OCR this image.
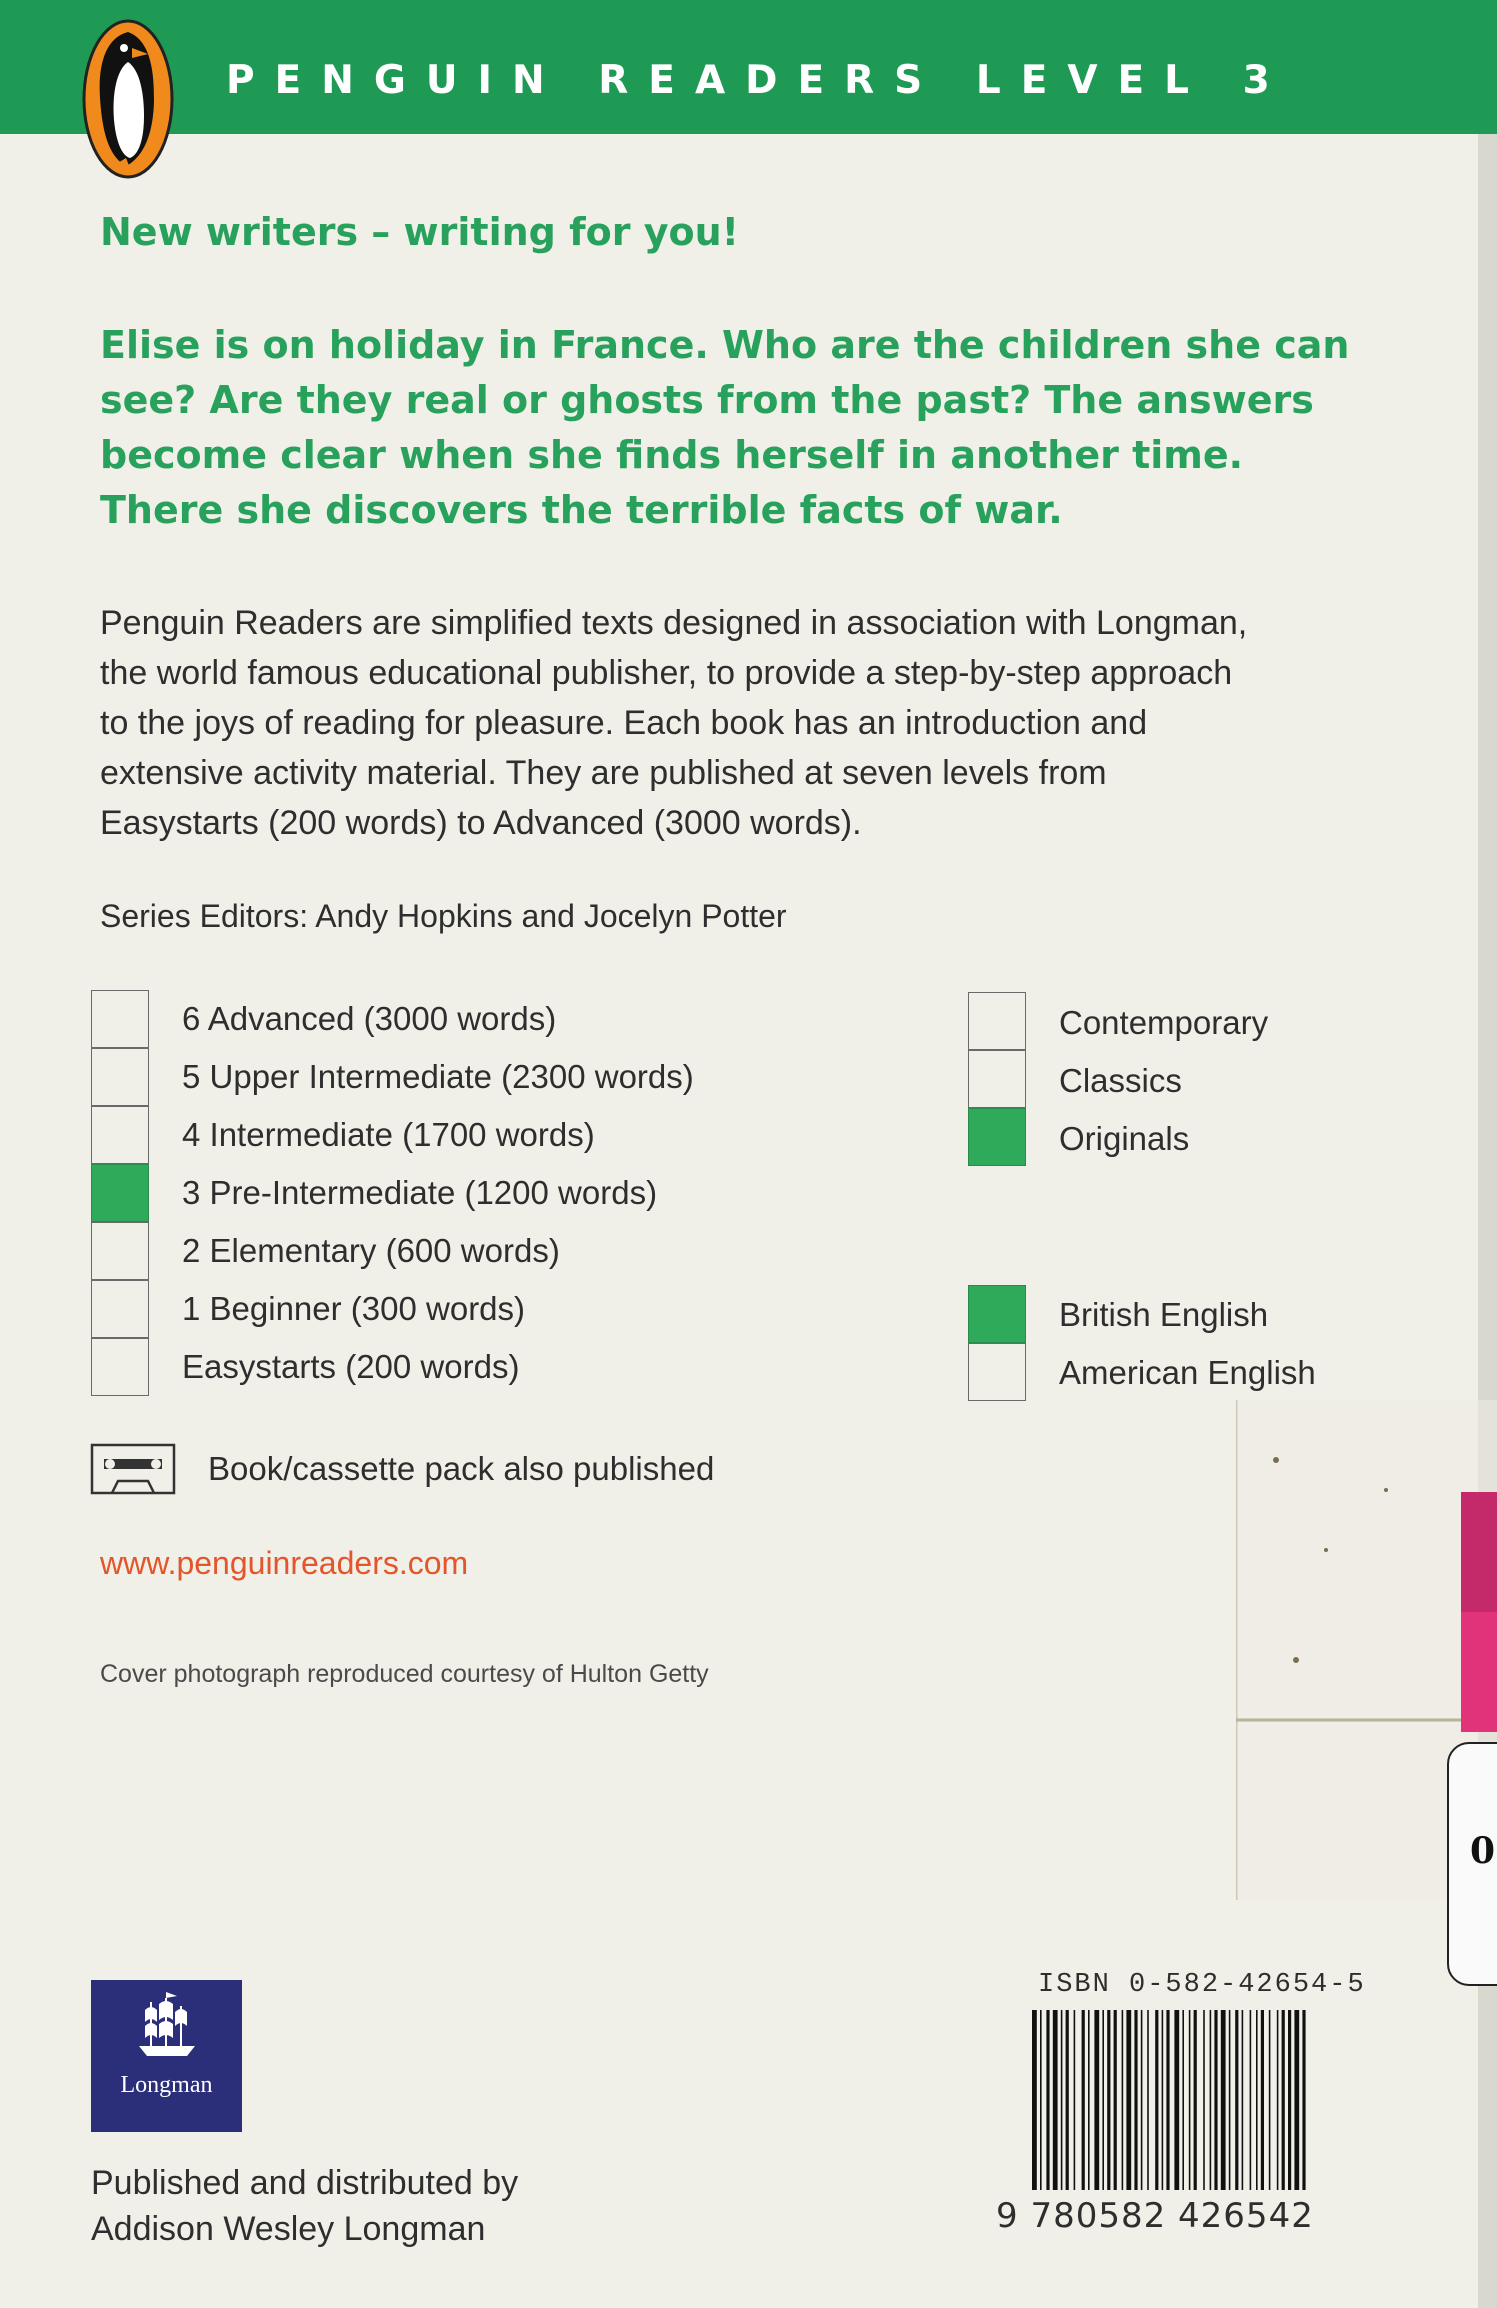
PENGUIN READERS LEVEL 3
New writers – writing for you!
Elise is on holiday in France. Who are the children she can
see? Are they real or ghosts from the past? The answers
become clear when she finds herself in another time.
There she discovers the terrible facts of war.
Penguin Readers are simplified texts designed in association with Longman,
the world famous educational publisher, to provide a step-by-step approach
to the joys of reading for pleasure. Each book has an introduction and
extensive activity material. They are published at seven levels from
Easystarts (200 words) to Advanced (3000 words).
Series Editors: Andy Hopkins and Jocelyn Potter
6 Advanced (3000 words)
5 Upper Intermediate (2300 words)
4 Intermediate (1700 words)
3 Pre-Intermediate (1200 words)
2 Elementary (600 words)
1 Beginner (300 words)
Easystarts (200 words)
Contemporary
Classics
Originals
British English
American English
Book/cassette pack also published
www.penguinreaders.com
Cover photograph reproduced courtesy of Hulton Getty
Longman
Published and distributed by
Addison Wesley Longman
ISBN 0-582-42654-5
9 780582 426542
0
